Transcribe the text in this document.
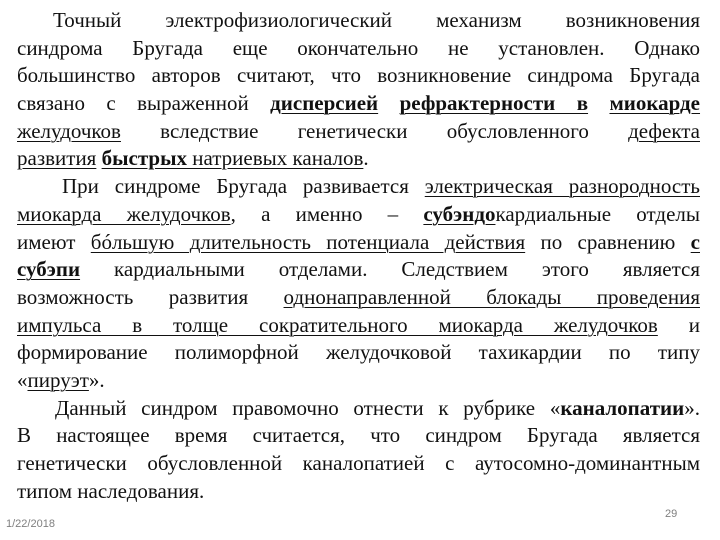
Точный электрофизиологический механизм возникновения
синдрома Бругада еще окончательно не установлен. Однако
большинство авторов считают, что возникновение синдрома Бругада
связано с выраженной дисперсией рефрактерности в миокарде
желудочков вследствие генетически обусловленного дефекта
развития быстрых натриевых каналов.
При синдроме Бругада развивается электрическая разнородность
миокарда желудочков, а именно – субэндокардиальные отделы
имеют бóльшую длительность потенциала действия по сравнению с
субэпи кардиальными отделами. Следствием этого является
возможность развития однонаправленной блокады проведения
импульса в толще сократительного миокарда желудочков и
формирование полиморфной желудочковой тахикардии по типу
«пируэт».
Данный синдром правомочно отнести к рубрике «каналопатии».
В настоящее время считается, что синдром Бругада является
генетически обусловленной каналопатией с аутосомно-доминантным
типом наследования.
1/22/2018
29
